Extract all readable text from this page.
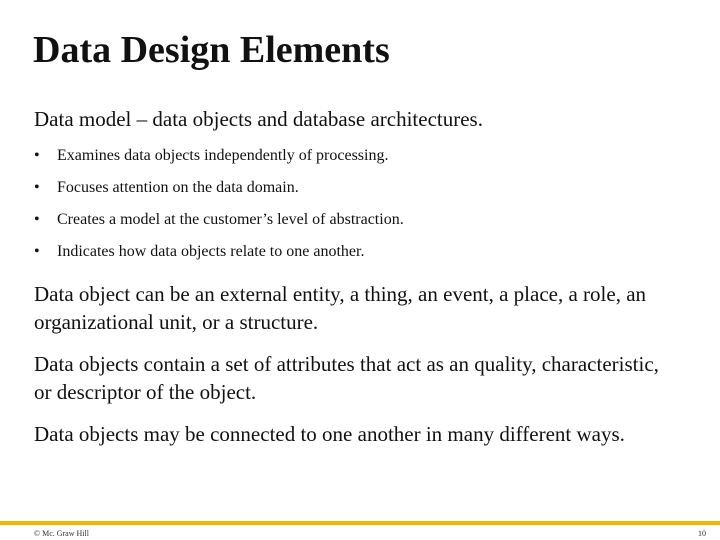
Data Design Elements

Data model – data objects and database architectures.

• Examines data objects independently of processing.
• Focuses attention on the data domain.
• Creates a model at the customer’s level of abstraction.
• Indicates how data objects relate to one another.

Data object can be an external entity, a thing, an event, a place, a role, an organizational unit, or a structure.

Data objects contain a set of attributes that act as an quality, characteristic, or descriptor of the object.

Data objects may be connected to one another in many different ways.

© Mc. Graw Hill	10
